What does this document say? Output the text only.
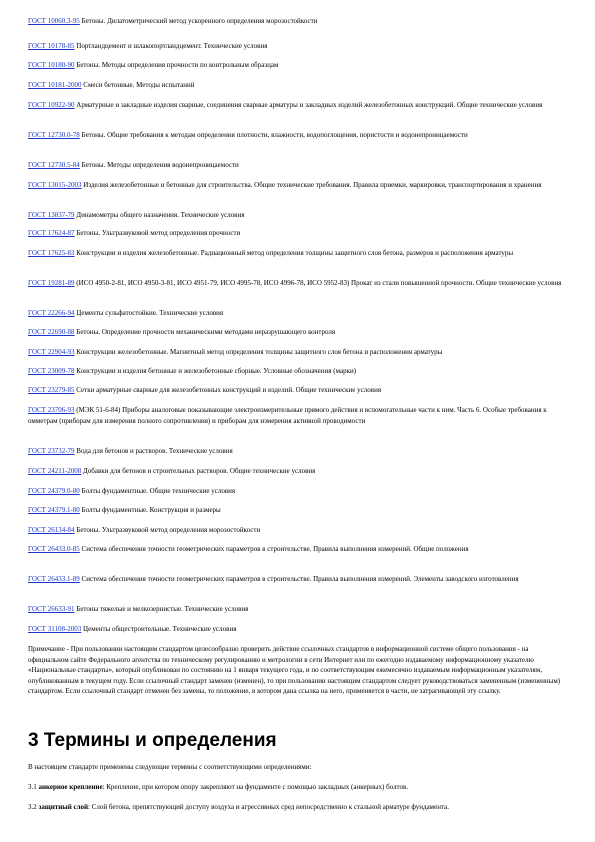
ГОСТ 10060.3-95 Бетоны. Дилатометрический метод ускоренного определения морозостойкости
ГОСТ 10178-85 Портландцемент и шлакопортландцемент. Технические условия
ГОСТ 10180-90 Бетоны. Методы определения прочности по контрольным образцам
ГОСТ 10181-2000 Смеси бетонные. Методы испытаний
ГОСТ 10922-90 Арматурные и закладные изделия сварные, соединения сварные арматуры и закладных изделий железобетонных конструкций. Общие технические условия
ГОСТ 12730.0-78 Бетоны. Общие требования к методам определения плотности, влажности, водопоглощения, пористости и водонепроницаемости
ГОСТ 12730.5-84 Бетоны. Методы определения водонепроницаемости
ГОСТ 13015-2003 Изделия железобетонные и бетонные для строительства. Общие технические требования. Правила приемки, маркировки, транспортирования и хранения
ГОСТ 13837-79 Динамометры общего назначения. Технические условия
ГОСТ 17624-87 Бетоны. Ультразвуковой метод определения прочности
ГОСТ 17625-83 Конструкции и изделия железобетонные. Радиационный метод определения толщины защитного слоя бетона, размеров и расположения арматуры
ГОСТ 19281-89 (ИСО 4950-2-81, ИСО 4950-3-81, ИСО 4951-79, ИСО 4995-78, ИСО 4996-78, ИСО 5952-83) Прокат из стали повышенной прочности. Общие технические условия
ГОСТ 22266-94 Цементы сульфатостойкие. Технические условия
ГОСТ 22690-88 Бетоны. Определение прочности механическими методами неразрушающего контроля
ГОСТ 22904-93 Конструкции железобетонные. Магнитный метод определения толщины защитного слоя бетона и расположения арматуры
ГОСТ 23009-78 Конструкции и изделия бетонные и железобетонные сборные. Условные обозначения (марки)
ГОСТ 23279-85 Сетки арматурные сварные для железобетонных конструкций и изделий. Общие технические условия
ГОСТ 23706-93 (МЭК 51-6-84) Приборы аналоговые показывающие электроизмерительные прямого действия и вспомогательные части к ним. Часть 6. Особые требования к омметрам (приборам для измерения полного сопротивления) и приборам для измерения активной проводимости
ГОСТ 23732-79 Вода для бетонов и растворов. Технические условия
ГОСТ 24211-2008 Добавки для бетонов и строительных растворов. Общие технические условия
ГОСТ 24379.0-80 Болты фундаментные. Общие технические условия
ГОСТ 24379.1-80 Болты фундаментные. Конструкция и размеры
ГОСТ 26134-84 Бетоны. Ультразвуковой метод определения морозостойкости
ГОСТ 26433.0-85 Система обеспечения точности геометрических параметров в строительстве. Правила выполнения измерений. Общие положения
ГОСТ 26433.1-89 Система обеспечения точности геометрических параметров в строительстве. Правила выполнения измерений. Элементы заводского изготовления
ГОСТ 26633-91 Бетоны тяжелые и мелкозернистые. Технические условия
ГОСТ 31108-2003 Цементы общестроительные. Технические условия
Примечание - При пользовании настоящим стандартом целесообразно проверить действие ссылочных стандартов в информационной системе общего пользования - на официальном сайте Федерального агентства по техническому регулированию и метрологии в сети Интернет или по ежегодно издаваемому информационному указателю «Национальные стандарты», который опубликован по состоянию на 1 января текущего года, и по соответствующим ежемесячно издаваемым информационным указателям, опубликованным в текущем году. Если ссылочный стандарт заменен (изменен), то при пользовании настоящим стандартом следует руководствоваться замененным (измененным) стандартом. Если ссылочный стандарт отменен без замены, то положение, в котором дана ссылка на него, применяется в части, не затрагивающей эту ссылку.
3 Термины и определения
В настоящем стандарте применены следующие термины с соответствующими определениями:
3.1 анкерное крепление: Крепление, при котором опору закрепляют на фундаменте с помощью закладных (анкерных) болтов.
3.2 защитный слой: Слой бетона, препятствующий доступу воздуха и агрессивных сред непосредственно к стальной арматуре фундамента.
